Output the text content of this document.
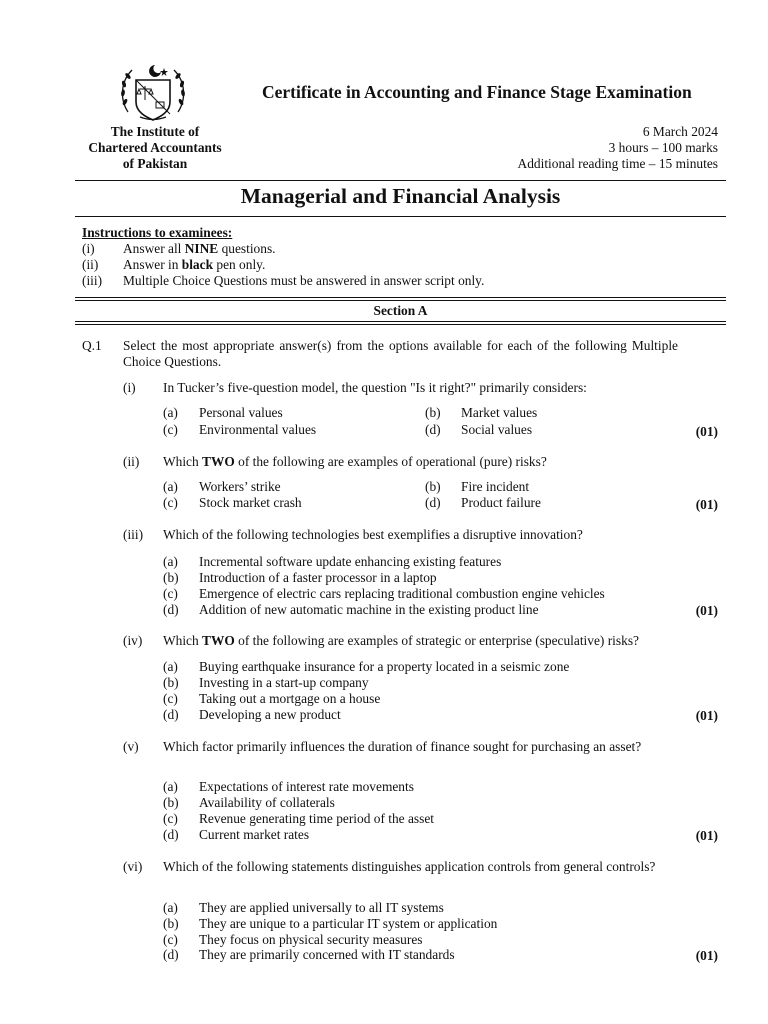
The Institute of
Chartered Accountants
of Pakistan
Certificate in Accounting and Finance Stage Examination
6 March 2024
3 hours – 100 marks
Additional reading time – 15 minutes
Managerial and Financial Analysis
Instructions to examinees:
(i) Answer all NINE questions.
(ii) Answer in black pen only.
(iii) Multiple Choice Questions must be answered in answer script only.
Section A
Q.1 Select the most appropriate answer(s) from the options available for each of the following Multiple Choice Questions.
(i) In Tucker’s five-question model, the question "Is it right?" primarily considers:
(a) Personal values	(b) Market values
(c) Environmental values	(d) Social values	(01)
(ii) Which TWO of the following are examples of operational (pure) risks?
(a) Workers’ strike	(b) Fire incident
(c) Stock market crash	(d) Product failure	(01)
(iii) Which of the following technologies best exemplifies a disruptive innovation?
(a) Incremental software update enhancing existing features
(b) Introduction of a faster processor in a laptop
(c) Emergence of electric cars replacing traditional combustion engine vehicles
(d) Addition of new automatic machine in the existing product line	(01)
(iv) Which TWO of the following are examples of strategic or enterprise (speculative) risks?
(a) Buying earthquake insurance for a property located in a seismic zone
(b) Investing in a start-up company
(c) Taking out a mortgage on a house
(d) Developing a new product	(01)
(v) Which factor primarily influences the duration of finance sought for purchasing an asset?
(a) Expectations of interest rate movements
(b) Availability of collaterals
(c) Revenue generating time period of the asset
(d) Current market rates	(01)
(vi) Which of the following statements distinguishes application controls from general controls?
(a) They are applied universally to all IT systems
(b) They are unique to a particular IT system or application
(c) They focus on physical security measures
(d) They are primarily concerned with IT standards	(01)
